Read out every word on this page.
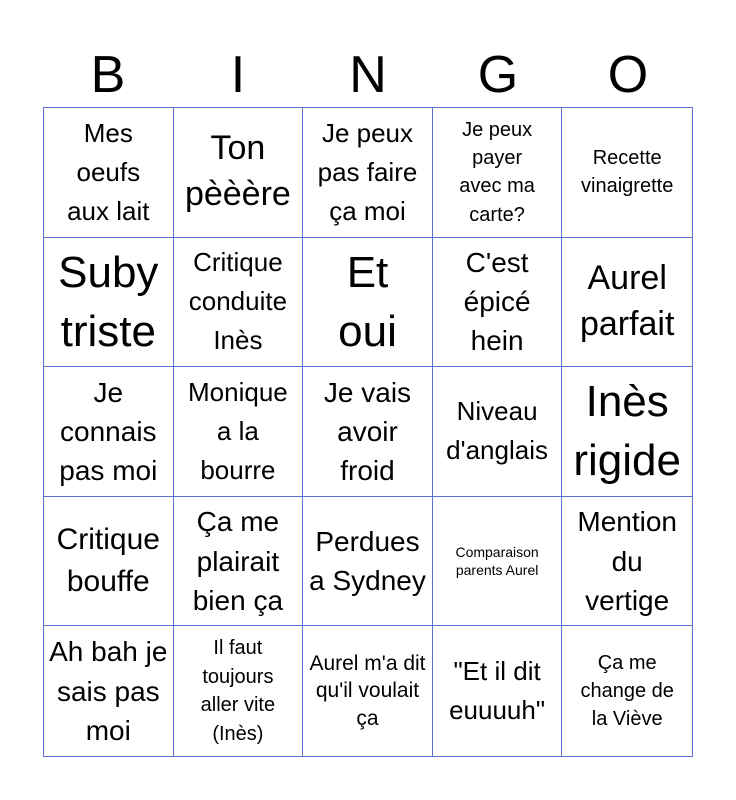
B	I	N	G	O
Mes oeufs aux lait
Ton pèèère
Je peux pas faire ça moi
Je peux payer avec ma carte?
Recette vinaigrette
Suby triste
Critique conduite Inès
Et oui
C'est épicé hein
Aurel parfait
Je connais pas moi
Monique a la bourre
Je vais avoir froid
Niveau d'anglais
Inès rigide
Critique bouffe
Ça me plairait bien ça
Perdues a Sydney
Comparaison parents Aurel
Mention du vertige
Ah bah je sais pas moi
Il faut toujours aller vite (Inès)
Aurel m'a dit qu'il voulait ça
"Et il dit euuuuh"
Ça me change de la Viève
